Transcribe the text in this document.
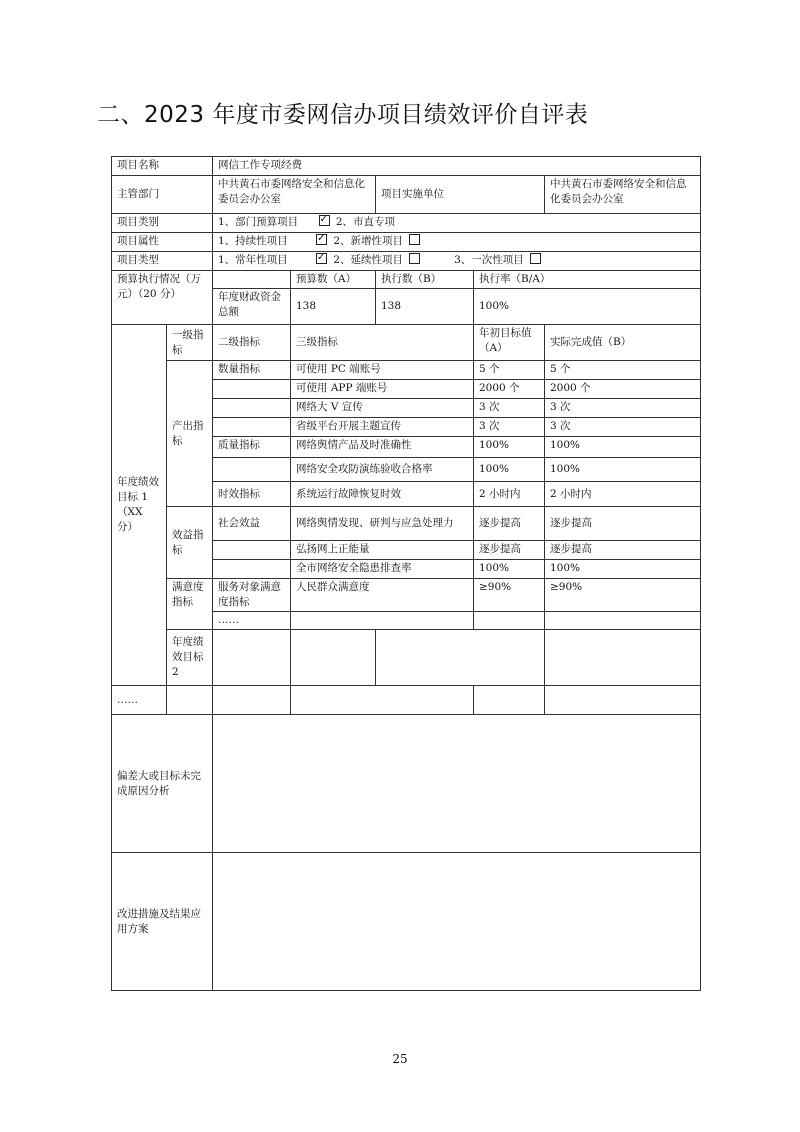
二、2023 年度市委网信办项目绩效评价自评表
项目名称		网信工作专项经费					
主管部门		中共黄石市委网络安全和信息化委员会办公室		项目实施单位		中共黄石市委网络安全和信息化委员会办公室	
项目类别		1、部门预算项目 ✓ 2、市直专项
项目属性		1、持续性项目 ✓ 2、新增性项目
项目类型		1、常年性项目 ✓ 2、延续性项目 3、一次性项目
预算执行情况（万元）（20 分）			预算数（A）	执行数（B）	执行率（B/A）		
		年度财政资金总额	138	138	100%		
年度绩效目标 1（XX 分）	一级指标	二级指标	三级指标		年初目标值（A）	实际完成值（B）	
	产出指标	数量指标	可使用 PC 端账号		5 个	5 个	
			可使用 APP 端账号		2000 个	2000 个	
			网络大 V 宣传		3 次	3 次	
			省级平台开展主题宣传		3 次	3 次	
		质量指标	网络舆情产品及时准确性		100%	100%	
			网络安全攻防演练验收合格率		100%	100%	
		时效指标	系统运行故障恢复时效		2 小时内	2 小时内	
	效益指标	社会效益	网络舆情发现、研判与应急处理力		逐步提高	逐步提高	
			弘扬网上正能量		逐步提高	逐步提高	
			全市网络安全隐患排查率		100%	100%	
	满意度指标	服务对象满意度指标	人民群众满意度		≥90%	≥90%	
		……					
	年度绩效目标 2						
……							
偏差大或目标未完成原因分析							
改进措施及结果应用方案							
25
